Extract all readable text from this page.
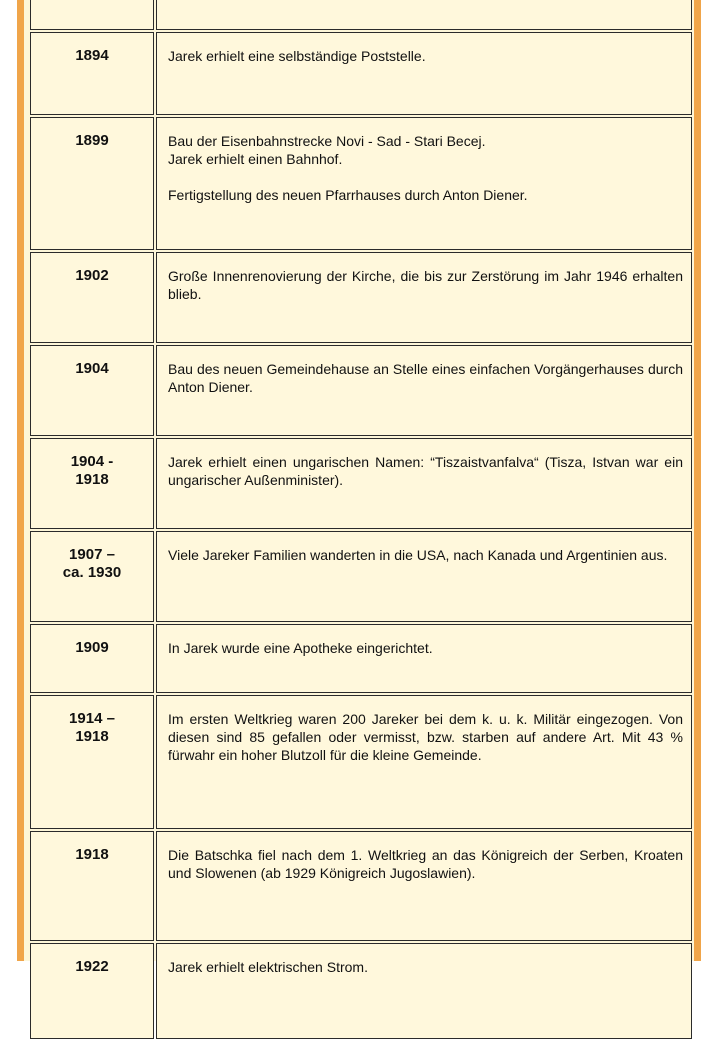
1894	Jarek erhielt eine selbständige Poststelle.

1899	Bau der Eisenbahnstrecke Novi - Sad - Stari Becej.

Jarek erhielt einen Bahnhof.

Fertigstellung des neuen Pfarrhauses durch Anton Diener.

1902	Große Innenrenovierung der Kirche, die bis zur Zerstörung im Jahr 1946 erhalten blieb.

1904	Bau des neuen Gemeindehause an Stelle eines einfachen Vorgängerhauses durch Anton Diener.

1904 -
1918	Jarek erhielt einen ungarischen Namen: “Tiszaistvanfalva“ (Tisza, Istvan war ein ungarischer Außenminister).

1907 –
ca. 1930	Viele Jareker Familien wanderten in die USA, nach Kanada und Argentinien aus.

1909	In Jarek wurde eine Apotheke eingerichtet.

1914 –
1918	Im ersten Weltkrieg waren 200 Jareker bei dem k. u. k. Militär eingezogen. Von diesen sind 85 gefallen oder vermisst, bzw. starben auf andere Art. Mit 43 % fürwahr ein hoher Blutzoll für die kleine Gemeinde.

1918	Die Batschka fiel nach dem 1. Weltkrieg an das Königreich der Serben, Kroaten und Slowenen (ab 1929 Königreich Jugoslawien).

1922	Jarek erhielt elektrischen Strom.
